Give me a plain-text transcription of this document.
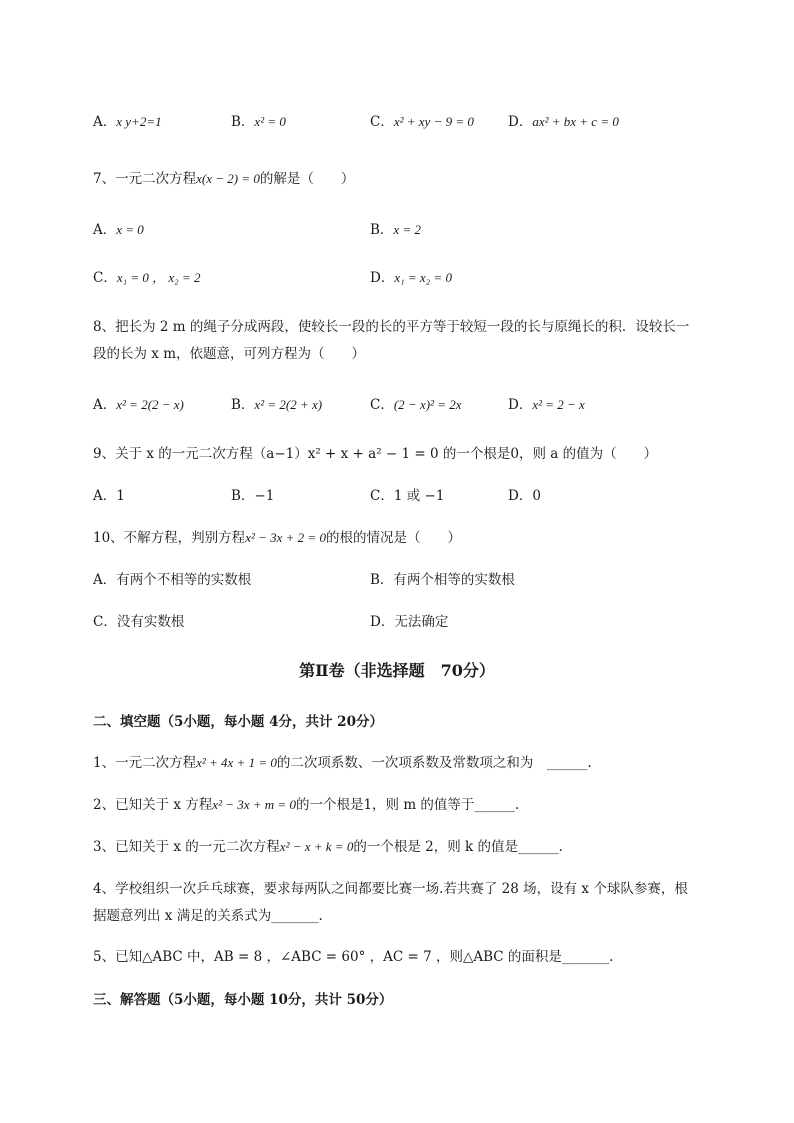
A．x y+2=1	B．x² = 0	C．x² + xy − 9 = 0	D．ax² + bx + c = 0
7、一元二次方程x(x − 2) = 0的解是（　　）
A．x = 0	B．x = 2
C．x₁ = 0 ， x₂ = 2	D．x₁ = x₂ = 0
8、把长为 2 m 的绳子分成两段，使较长一段的长的平方等于较短一段的长与原绳长的积．设较长一
段的长为 x m，依题意，可列方程为（　　）
A．x² = 2(2 − x)	B．x² = 2(2 + x)	C．(2 − x)² = 2x	D．x² = 2 − x
9、关于 x 的一元二次方程（a−1）x² + x + a² − 1 = 0 的一个根是0，则 a 的值为（　　）
A．1	B．−1	C．1 或 −1	D．0
10、不解方程，判别方程x² − 3x + 2 = 0的根的情况是（　　）
A．有两个不相等的实数根	B．有两个相等的实数根
C．没有实数根	D．无法确定
第Ⅱ卷（非选择题　70分）
二、填空题（5小题，每小题 4分，共计 20分）
1、一元二次方程x² + 4x + 1 = 0的二次项系数、一次项系数及常数项之和为　______.
2、已知关于 x 方程x² − 3x + m = 0的一个根是1，则 m 的值等于______.
3、已知关于 x 的一元二次方程x² − x + k = 0的一个根是 2，则 k 的值是______.
4、学校组织一次乒乓球赛，要求每两队之间都要比赛一场.若共赛了 28 场，设有 x 个球队参赛，根
据题意列出 x 满足的关系式为_______.
5、已知△ABC 中，AB = 8 ，∠ABC = 60° ，AC = 7 ，则△ABC 的面积是_______.
三、解答题（5小题，每小题 10分，共计 50分）
